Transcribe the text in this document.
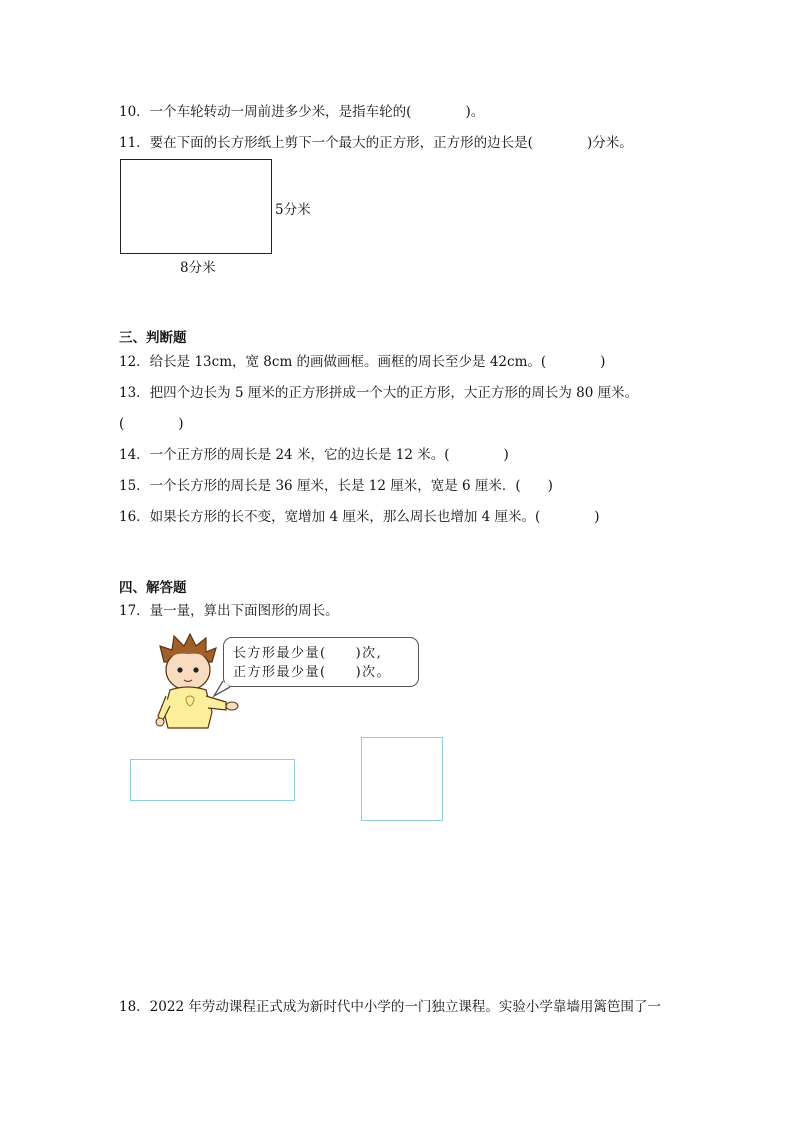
10．一个车轮转动一周前进多少米，是指车轮的(　　　　)。
11．要在下面的长方形纸上剪下一个最大的正方形，正方形的边长是(　　　　)分米。
5分米
8分米
三、判断题
12．给长是 13cm，宽 8cm 的画做画框。画框的周长至少是 42cm。(　　　　)
13．把四个边长为 5 厘米的正方形拼成一个大的正方形，大正方形的周长为 80 厘米。
(　　　　)
14．一个正方形的周长是 24 米，它的边长是 12 米。(　　　　)
15．一个长方形的周长是 36 厘米，长是 12 厘米，宽是 6 厘米．(　　)
16．如果长方形的长不变，宽增加 4 厘米，那么周长也增加 4 厘米。(　　　　)
四、解答题
17．量一量，算出下面图形的周长。
长方形最少量(　　)次,
正方形最少量(　　)次。
18．2022 年劳动课程正式成为新时代中小学的一门独立课程。实验小学靠墙用篱笆围了一
